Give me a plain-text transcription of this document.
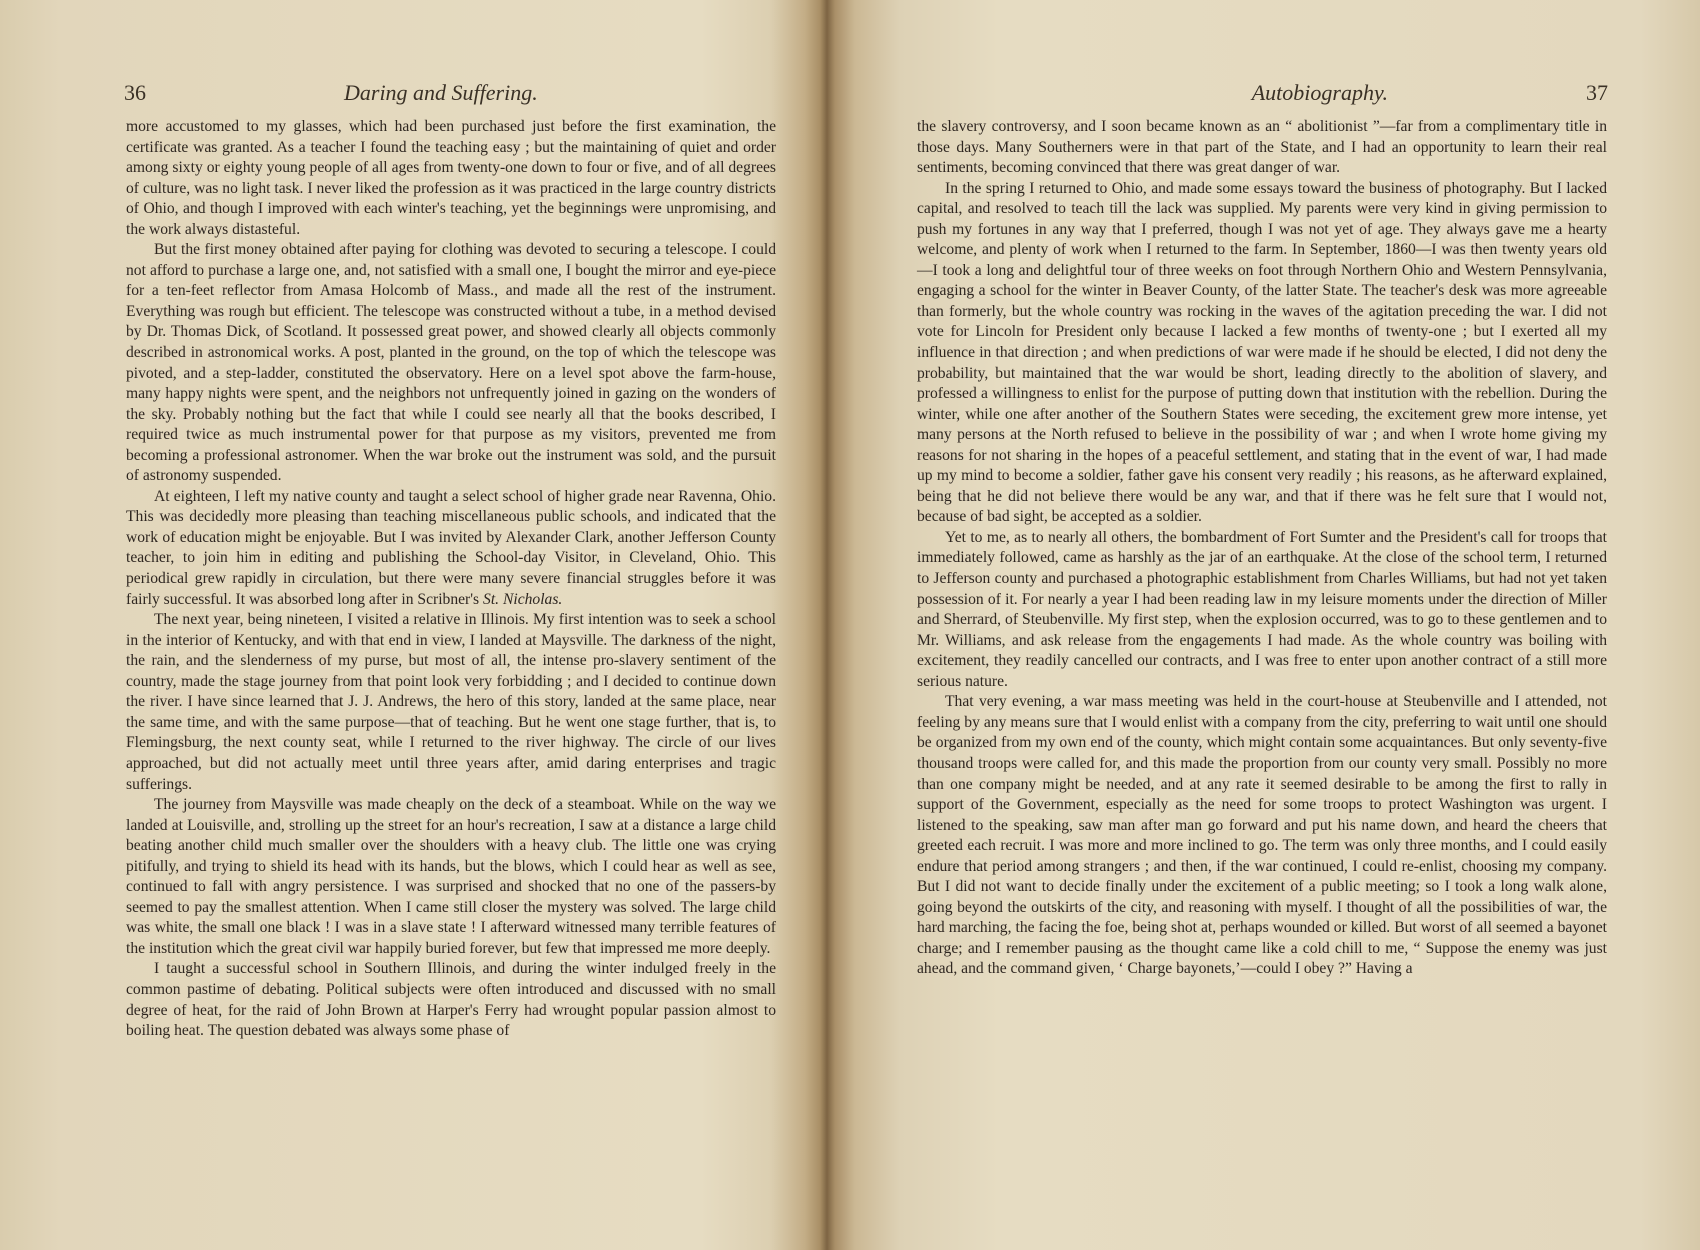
36	Daring and Suffering.

more accustomed to my glasses, which had been purchased just before the first examination, the certificate was granted. As a teacher I found the teaching easy ; but the maintaining of quiet and order among sixty or eighty young people of all ages from twenty-one down to four or five, and of all degrees of culture, was no light task. I never liked the profession as it was practiced in the large country districts of Ohio, and though I improved with each winter's teaching, yet the beginnings were unpromising, and the work always distasteful.

But the first money obtained after paying for clothing was devoted to securing a telescope. I could not afford to purchase a large one, and, not satisfied with a small one, I bought the mirror and eye-piece for a ten-feet reflector from Amasa Holcomb of Mass., and made all the rest of the instrument. Everything was rough but efficient. The telescope was constructed without a tube, in a method devised by Dr. Thomas Dick, of Scotland. It possessed great power, and showed clearly all objects commonly described in astronomical works. A post, planted in the ground, on the top of which the telescope was pivoted, and a step-ladder, constituted the observatory. Here on a level spot above the farm-house, many happy nights were spent, and the neighbors not unfrequently joined in gazing on the wonders of the sky. Probably nothing but the fact that while I could see nearly all that the books described, I required twice as much instrumental power for that purpose as my visitors, prevented me from becoming a professional astronomer. When the war broke out the instrument was sold, and the pursuit of astronomy suspended.

At eighteen, I left my native county and taught a select school of higher grade near Ravenna, Ohio. This was decidedly more pleasing than teaching miscellaneous public schools, and indicated that the work of education might be enjoyable. But I was invited by Alexander Clark, another Jefferson County teacher, to join him in editing and publishing the School-day Visitor, in Cleveland, Ohio. This periodical grew rapidly in circulation, but there were many severe financial struggles before it was fairly successful. It was absorbed long after in Scribner's St. Nicholas.

The next year, being nineteen, I visited a relative in Illinois. My first intention was to seek a school in the interior of Kentucky, and with that end in view, I landed at Maysville. The darkness of the night, the rain, and the slenderness of my purse, but most of all, the intense pro-slavery sentiment of the country, made the stage journey from that point look very forbidding ; and I decided to continue down the river. I have since learned that J. J. Andrews, the hero of this story, landed at the same place, near the same time, and with the same purpose—that of teaching. But he went one stage further, that is, to Flemingsburg, the next county seat, while I returned to the river highway. The circle of our lives approached, but did not actually meet until three years after, amid daring enterprises and tragic sufferings.

The journey from Maysville was made cheaply on the deck of a steamboat. While on the way we landed at Louisville, and, strolling up the street for an hour's recreation, I saw at a distance a large child beating another child much smaller over the shoulders with a heavy club. The little one was crying pitifully, and trying to shield its head with its hands, but the blows, which I could hear as well as see, continued to fall with angry persistence. I was surprised and shocked that no one of the passers-by seemed to pay the smallest attention. When I came still closer the mystery was solved. The large child was white, the small one black ! I was in a slave state ! I afterward witnessed many terrible features of the institution which the great civil war happily buried forever, but few that impressed me more deeply.

I taught a successful school in Southern Illinois, and during the winter indulged freely in the common pastime of debating. Political subjects were often introduced and discussed with no small degree of heat, for the raid of John Brown at Harper's Ferry had wrought popular passion almost to boiling heat. The question debated was always some phase of

Autobiography.	37

the slavery controversy, and I soon became known as an “ abolitionist ”—far from a complimentary title in those days. Many Southerners were in that part of the State, and I had an opportunity to learn their real sentiments, becoming convinced that there was great danger of war.

In the spring I returned to Ohio, and made some essays toward the business of photography. But I lacked capital, and resolved to teach till the lack was supplied. My parents were very kind in giving permission to push my fortunes in any way that I preferred, though I was not yet of age. They always gave me a hearty welcome, and plenty of work when I returned to the farm. In September, 1860—I was then twenty years old —I took a long and delightful tour of three weeks on foot through Northern Ohio and Western Pennsylvania, engaging a school for the winter in Beaver County, of the latter State. The teacher's desk was more agreeable than formerly, but the whole country was rocking in the waves of the agitation preceding the war. I did not vote for Lincoln for President only because I lacked a few months of twenty-one ; but I exerted all my influence in that direction ; and when predictions of war were made if he should be elected, I did not deny the probability, but maintained that the war would be short, leading directly to the abolition of slavery, and professed a willingness to enlist for the purpose of putting down that institution with the rebellion. During the winter, while one after another of the Southern States were seceding, the excitement grew more intense, yet many persons at the North refused to believe in the possibility of war ; and when I wrote home giving my reasons for not sharing in the hopes of a peaceful settlement, and stating that in the event of war, I had made up my mind to become a soldier, father gave his consent very readily ; his reasons, as he afterward explained, being that he did not believe there would be any war, and that if there was he felt sure that I would not, because of bad sight, be accepted as a soldier.

Yet to me, as to nearly all others, the bombardment of Fort Sumter and the President's call for troops that immediately followed, came as harshly as the jar of an earthquake. At the close of the school term, I returned to Jefferson county and purchased a photographic establishment from Charles Williams, but had not yet taken possession of it. For nearly a year I had been reading law in my leisure moments under the direction of Miller and Sherrard, of Steubenville. My first step, when the explosion occurred, was to go to these gentlemen and to Mr. Williams, and ask release from the engagements I had made. As the whole country was boiling with excitement, they readily cancelled our contracts, and I was free to enter upon another contract of a still more serious nature.

That very evening, a war mass meeting was held in the court-house at Steubenville and I attended, not feeling by any means sure that I would enlist with a company from the city, preferring to wait until one should be organized from my own end of the county, which might contain some acquaintances. But only seventy-five thousand troops were called for, and this made the proportion from our county very small. Possibly no more than one company might be needed, and at any rate it seemed desirable to be among the first to rally in support of the Government, especially as the need for some troops to protect Washington was urgent. I listened to the speaking, saw man after man go forward and put his name down, and heard the cheers that greeted each recruit. I was more and more inclined to go. The term was only three months, and I could easily endure that period among strangers ; and then, if the war continued, I could re-enlist, choosing my company. But I did not want to decide finally under the excitement of a public meeting; so I took a long walk alone, going beyond the outskirts of the city, and reasoning with myself. I thought of all the possibilities of war, the hard marching, the facing the foe, being shot at, perhaps wounded or killed. But worst of all seemed a bayonet charge; and I remember pausing as the thought came like a cold chill to me, “ Suppose the enemy was just ahead, and the command given, ‘ Charge bayonets,’—could I obey ?” Having a
